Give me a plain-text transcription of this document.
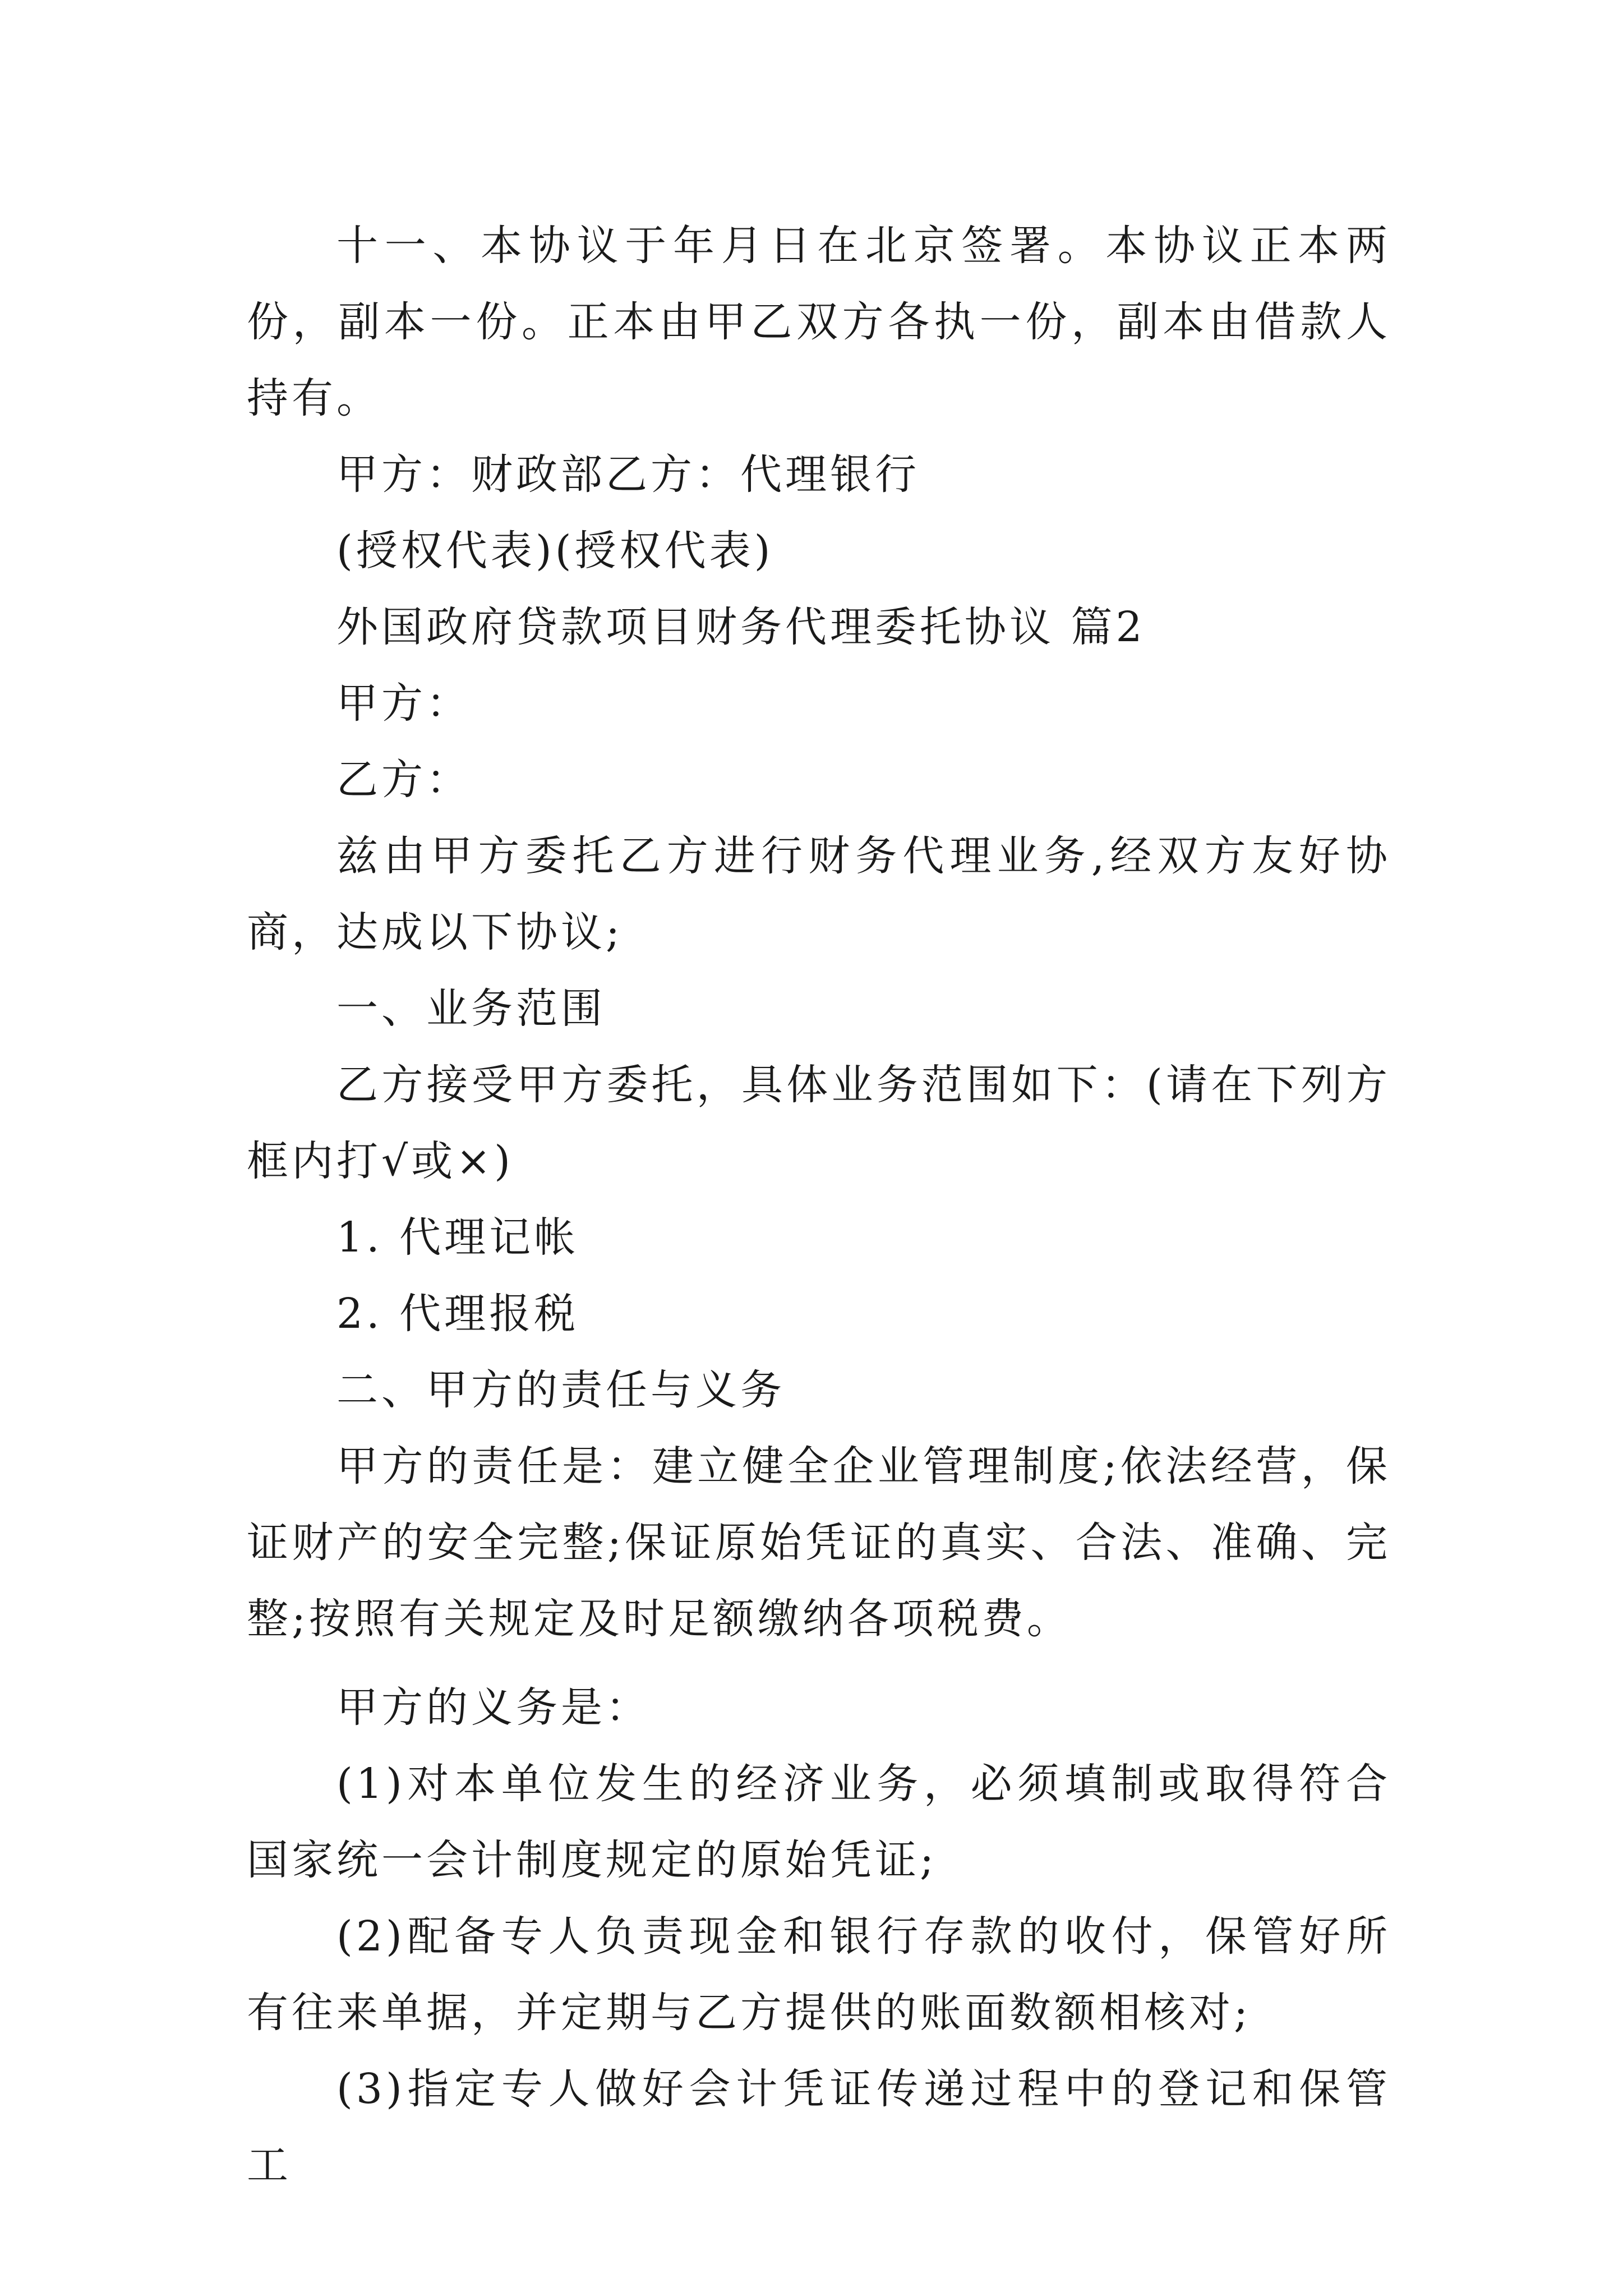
十一、本协议于年月日在北京签署。本协议正本两份，副本一份。正本由甲乙双方各执一份，副本由借款人持有。

甲方：财政部乙方：代理银行

(授权代表)(授权代表)

外国政府贷款项目财务代理委托协议 篇2

甲方：

乙方：

兹由甲方委托乙方进行财务代理业务,经双方友好协商，达成以下协议;

一、业务范围

乙方接受甲方委托，具体业务范围如下：(请在下列方框内打√或×)

1. 代理记帐

2. 代理报税

二、甲方的责任与义务

甲方的责任是：建立健全企业管理制度;依法经营，保证财产的安全完整;保证原始凭证的真实、合法、准确、完整;按照有关规定及时足额缴纳各项税费。

甲方的义务是：

(1)对本单位发生的经济业务，必须填制或取得符合国家统一会计制度规定的原始凭证;

(2)配备专人负责现金和银行存款的收付，保管好所有往来单据，并定期与乙方提供的账面数额相核对;

(3)指定专人做好会计凭证传递过程中的登记和保管工
